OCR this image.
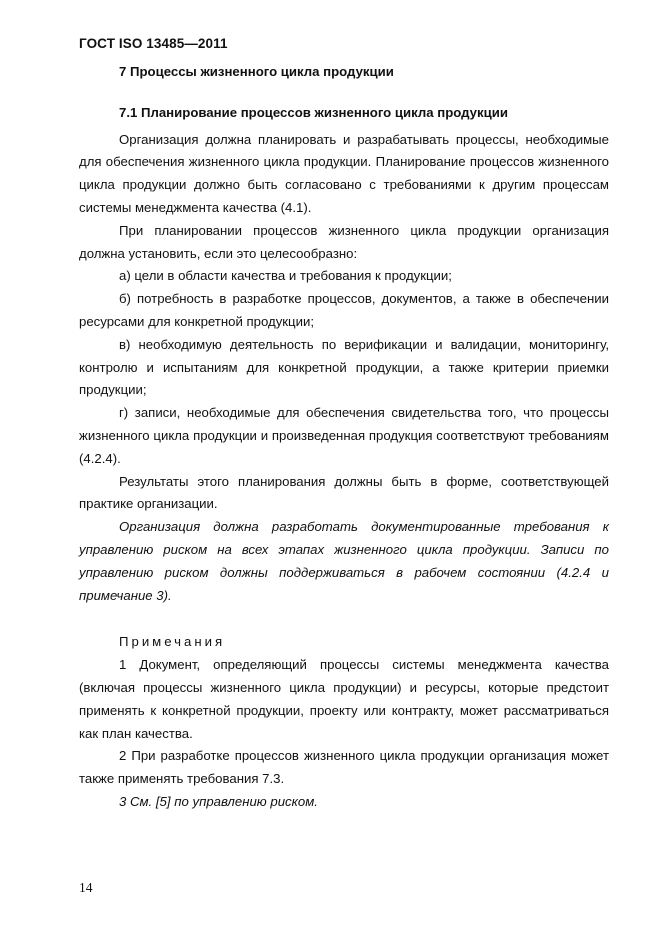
ГОСТ ISO 13485—2011
7 Процессы жизненного цикла продукции
7.1 Планирование процессов жизненного цикла продукции

Организация должна планировать и разрабатывать процессы, необходимые для обеспечения жизненного цикла продукции. Планирование процессов жизненного цикла продукции должно быть согласовано с требованиями к другим процессам системы менеджмента качества (4.1).

При планировании процессов жизненного цикла продукции организация должна установить, если это целесообразно:

а) цели в области качества и требования к продукции;

б) потребность в разработке процессов, документов, а также в обеспечении ресурсами для конкретной продукции;

в) необходимую деятельность по верификации и валидации, мониторингу, контролю и испытаниям для конкретной продукции, а также критерии приемки продукции;

г) записи, необходимые для обеспечения свидетельства того, что процессы жизненного цикла продукции и произведенная продукция соответствуют требованиям (4.2.4).

Результаты этого планирования должны быть в форме, соответствующей практике организации.

Организация должна разработать документированные требования к управлению риском на всех этапах жизненного цикла продукции. Записи по управлению риском должны поддерживаться в рабочем состоянии (4.2.4 и примечание 3).

Примечания

1 Документ, определяющий процессы системы менеджмента качества (включая процессы жизненного цикла продукции) и ресурсы, которые предстоит применять к конкретной продукции, проекту или контракту, может рассматриваться как план качества.

2 При разработке процессов жизненного цикла продукции организация может также применять требования 7.3.

3 См. [5] по управлению риском.

14
